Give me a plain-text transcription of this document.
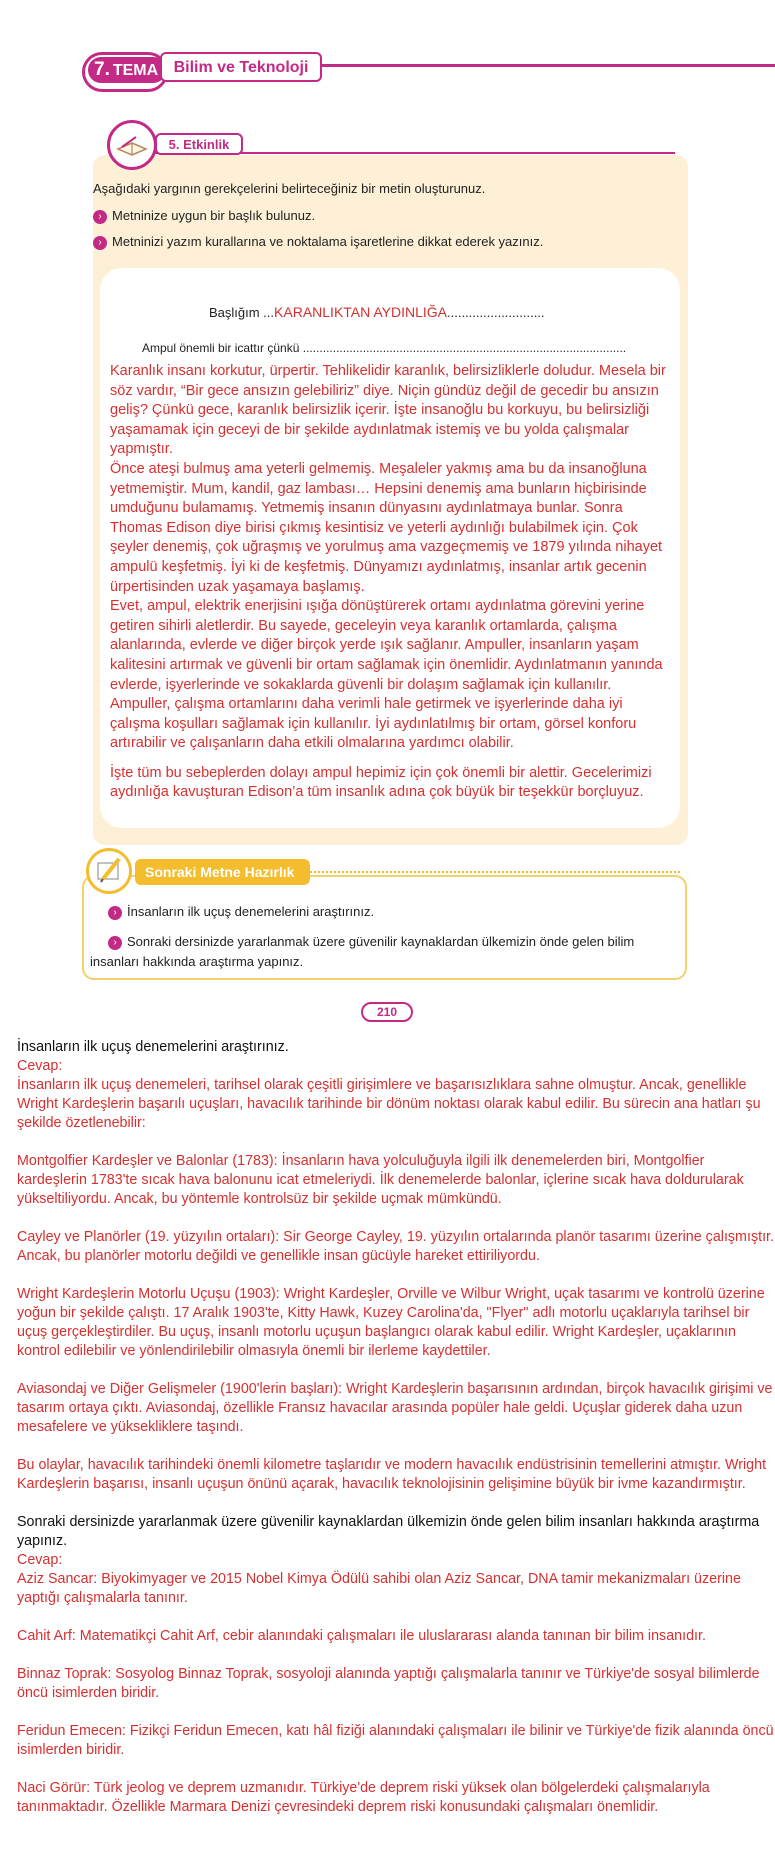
7. TEMA Bilim ve Teknoloji
5. Etkinlik
Aşağıdaki yargının gerekçelerini belirteceğiniz bir metin oluşturunuz.
› Metninize uygun bir başlık bulunuz.
› Metninizi yazım kurallarına ve noktalama işaretlerine dikkat ederek yazınız.
Başlığım ...KARANLIKTAN AYDINLIĞA...........................
Ampul önemli bir icattır çünkü .................................................................................................

Karanlık insanı korkutur, ürpertir. Tehlikelidir karanlık, belirsizliklerle doludur. Mesela bir söz vardır, “Bir gece ansızın gelebiliriz” diye. Niçin gündüz değil de gecedir bu ansızın geliş? Çünkü gece, karanlık belirsizlik içerir. İşte insanoğlu bu korkuyu, bu belirsizliği yaşamamak için geceyi de bir şekilde aydınlatmak istemiş ve bu yolda çalışmalar yapmıştır.

Önce ateşi bulmuş ama yeterli gelmemiş. Meşaleler yakmış ama bu da insanoğluna yetmemiştir. Mum, kandil, gaz lambası… Hepsini denemiş ama bunların hiçbirisinde umduğunu bulamamış. Yetmemiş insanın dünyasını aydınlatmaya bunlar. Sonra Thomas Edison diye birisi çıkmış kesintisiz ve yeterli aydınlığı bulabilmek için. Çok şeyler denemiş, çok uğraşmış ve yorulmuş ama vazgeçmemiş ve 1879 yılında nihayet ampulü keşfetmiş. İyi ki de keşfetmiş. Dünyamızı aydınlatmış, insanlar artık gecenin ürpertisinden uzak yaşamaya başlamış.

Evet, ampul, elektrik enerjisini ışığa dönüştürerek ortamı aydınlatma görevini yerine getiren sihirli aletlerdir. Bu sayede, geceleyin veya karanlık ortamlarda, çalışma alanlarında, evlerde ve diğer birçok yerde ışık sağlanır. Ampuller, insanların yaşam kalitesini artırmak ve güvenli bir ortam sağlamak için önemlidir. Aydınlatmanın yanında evlerde, işyerlerinde ve sokaklarda güvenli bir dolaşım sağlamak için kullanılır. Ampuller, çalışma ortamlarını daha verimli hale getirmek ve işyerlerinde daha iyi çalışma koşulları sağlamak için kullanılır. İyi aydınlatılmış bir ortam, görsel konforu artırabilir ve çalışanların daha etkili olmalarına yardımcı olabilir.

İşte tüm bu sebeplerden dolayı ampul hepimiz için çok önemli bir alettir. Gecelerimizi aydınlığa kavuşturan Edison’a tüm insanlık adına çok büyük bir teşekkür borçluyuz.

Sonraki Metne Hazırlık
› İnsanların ilk uçuş denemelerini araştırınız.
› Sonraki dersinizde yararlanmak üzere güvenilir kaynaklardan ülkemizin önde gelen bilim insanları hakkında araştırma yapınız.
210

İnsanların ilk uçuş denemelerini araştırınız.

Cevap:

İnsanların ilk uçuş denemeleri, tarihsel olarak çeşitli girişimlere ve başarısızlıklara sahne olmuştur. Ancak, genellikle Wright Kardeşlerin başarılı uçuşları, havacılık tarihinde bir dönüm noktası olarak kabul edilir. Bu sürecin ana hatları şu şekilde özetlenebilir:

Montgolfier Kardeşler ve Balonlar (1783): İnsanların hava yolculuğuyla ilgili ilk denemelerden biri, Montgolfier kardeşlerin 1783'te sıcak hava balonunu icat etmeleriydi. İlk denemelerde balonlar, içlerine sıcak hava doldurularak yükseltiliyordu. Ancak, bu yöntemle kontrolsüz bir şekilde uçmak mümkündü.

Cayley ve Planörler (19. yüzyılın ortaları): Sir George Cayley, 19. yüzyılın ortalarında planör tasarımı üzerine çalışmıştır. Ancak, bu planörler motorlu değildi ve genellikle insan gücüyle hareket ettiriliyordu.

Wright Kardeşlerin Motorlu Uçuşu (1903): Wright Kardeşler, Orville ve Wilbur Wright, uçak tasarımı ve kontrolü üzerine yoğun bir şekilde çalıştı. 17 Aralık 1903'te, Kitty Hawk, Kuzey Carolina'da, "Flyer" adlı motorlu uçaklarıyla tarihsel bir uçuş gerçekleştirdiler. Bu uçuş, insanlı motorlu uçuşun başlangıcı olarak kabul edilir. Wright Kardeşler, uçaklarının kontrol edilebilir ve yönlendirilebilir olmasıyla önemli bir ilerleme kaydettiler.

Aviasondaj ve Diğer Gelişmeler (1900'lerin başları): Wright Kardeşlerin başarısının ardından, birçok havacılık girişimi ve tasarım ortaya çıktı. Aviasondaj, özellikle Fransız havacılar arasında popüler hale geldi. Uçuşlar giderek daha uzun mesafelere ve yüksekliklere taşındı.

Bu olaylar, havacılık tarihindeki önemli kilometre taşlarıdır ve modern havacılık endüstrisinin temellerini atmıştır. Wright Kardeşlerin başarısı, insanlı uçuşun önünü açarak, havacılık teknolojisinin gelişimine büyük bir ivme kazandırmıştır.

Sonraki dersinizde yararlanmak üzere güvenilir kaynaklardan ülkemizin önde gelen bilim insanları hakkında araştırma yapınız.

Cevap:

Aziz Sancar: Biyokimyager ve 2015 Nobel Kimya Ödülü sahibi olan Aziz Sancar, DNA tamir mekanizmaları üzerine yaptığı çalışmalarla tanınır.

Cahit Arf: Matematikçi Cahit Arf, cebir alanındaki çalışmaları ile uluslararası alanda tanınan bir bilim insanıdır.

Binnaz Toprak: Sosyolog Binnaz Toprak, sosyoloji alanında yaptığı çalışmalarla tanınır ve Türkiye'de sosyal bilimlerde öncü isimlerden biridir.

Feridun Emecen: Fizikçi Feridun Emecen, katı hâl fiziği alanındaki çalışmaları ile bilinir ve Türkiye'de fizik alanında öncü isimlerden biridir.

Naci Görür: Türk jeolog ve deprem uzmanıdır. Türkiye'de deprem riski yüksek olan bölgelerdeki çalışmalarıyla tanınmaktadır. Özellikle Marmara Denizi çevresindeki deprem riski konusundaki çalışmaları önemlidir.
